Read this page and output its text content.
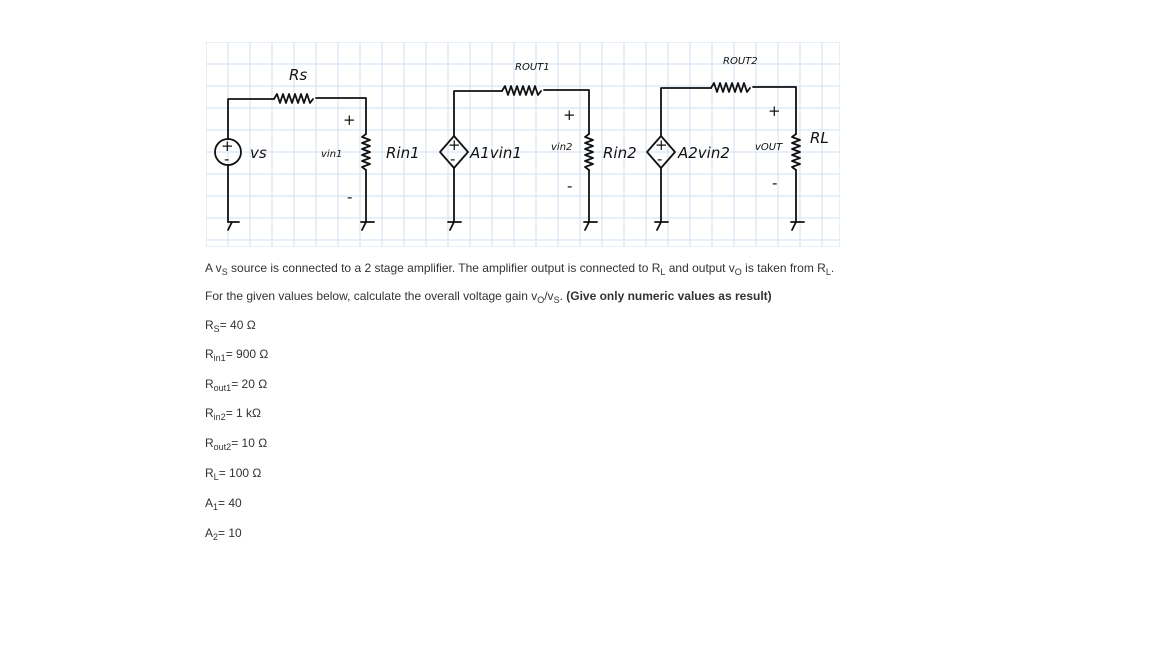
+
-
+
-
+
-
+
-
+
-
+
-
Rs	ROUT1
ROUT2
vs	vin1	Rin1	A1vin1	vin2 Rin2	A2vin2	vOUT
RL
A $v_S$ source is connected to a 2 stage amplifier. The amplifier output is connected to $R_L$ and output $v_O$ is taken from $R_L$.
For the given values below, calculate the overall voltage gain $v_O/v_S$. (Give only numeric values as result)
$R_S= 40$ Ω
$R_{in1}= 900$ Ω
$R_{out1}= 20$ Ω
$R_{in2}= 1$ kΩ
$R_{out2}= 10$ Ω
$R_L= 100$ Ω
$A_1= 40$
$A_2= 10$
